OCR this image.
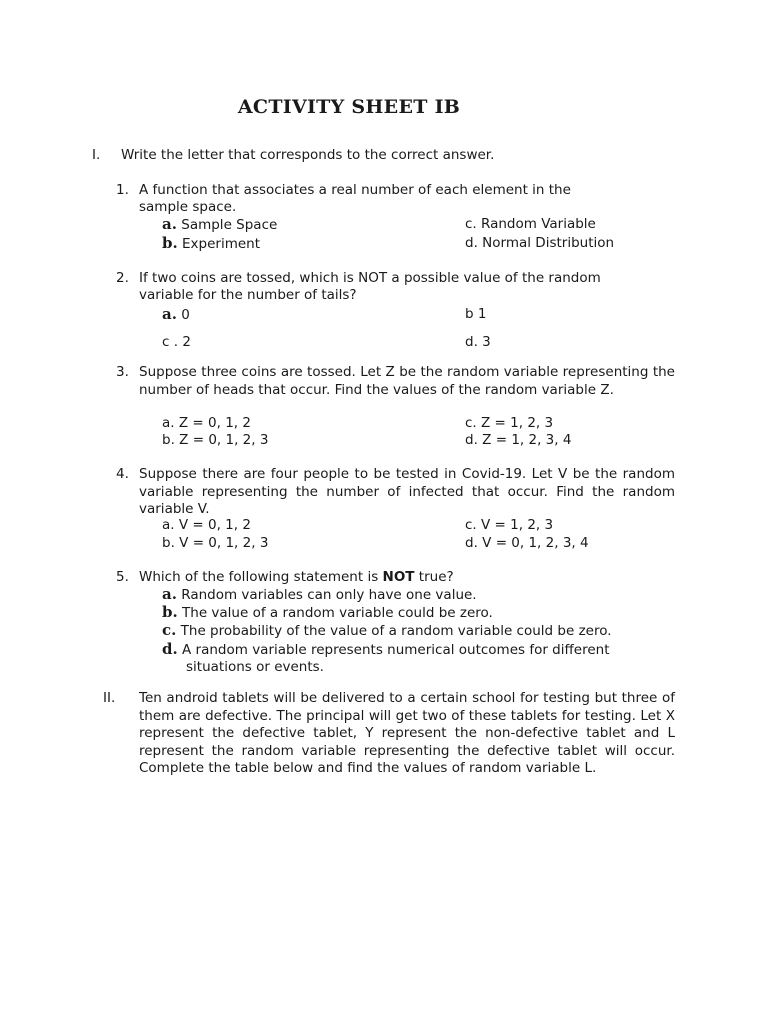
ACTIVITY SHEET IB
I. Write the letter that corresponds to the correct answer.
1. A function that associates a real number of each element in the
sample space.
a. Sample Space	c. Random Variable
b. Experiment	d. Normal Distribution
2. If two coins are tossed, which is NOT a possible value of the random
variable for the number of tails?
a. 0	b 1
c . 2	d. 3
3. Suppose three coins are tossed. Let Z be the random variable representing the number of heads that occur. Find the values of the random variable Z.
a. Z = 0, 1, 2	c. Z = 1, 2, 3
b. Z = 0, 1, 2, 3	d. Z = 1, 2, 3, 4
4. Suppose there are four people to be tested in Covid-19. Let V be the random variable representing the number of infected that occur. Find the random variable V.
a. V = 0, 1, 2	c. V = 1, 2, 3
b. V = 0, 1, 2, 3	d. V = 0, 1, 2, 3, 4
5. Which of the following statement is NOT true?
a. Random variables can only have one value.
b. The value of a random variable could be zero.
c. The probability of the value of a random variable could be zero.
d. A random variable represents numerical outcomes for different
situations or events.
II. Ten android tablets will be delivered to a certain school for testing but three of them are defective. The principal will get two of these tablets for testing. Let X represent the defective tablet, Y represent the non-defective tablet and L represent the random variable representing the defective tablet will occur. Complete the table below and find the values of random variable L.
